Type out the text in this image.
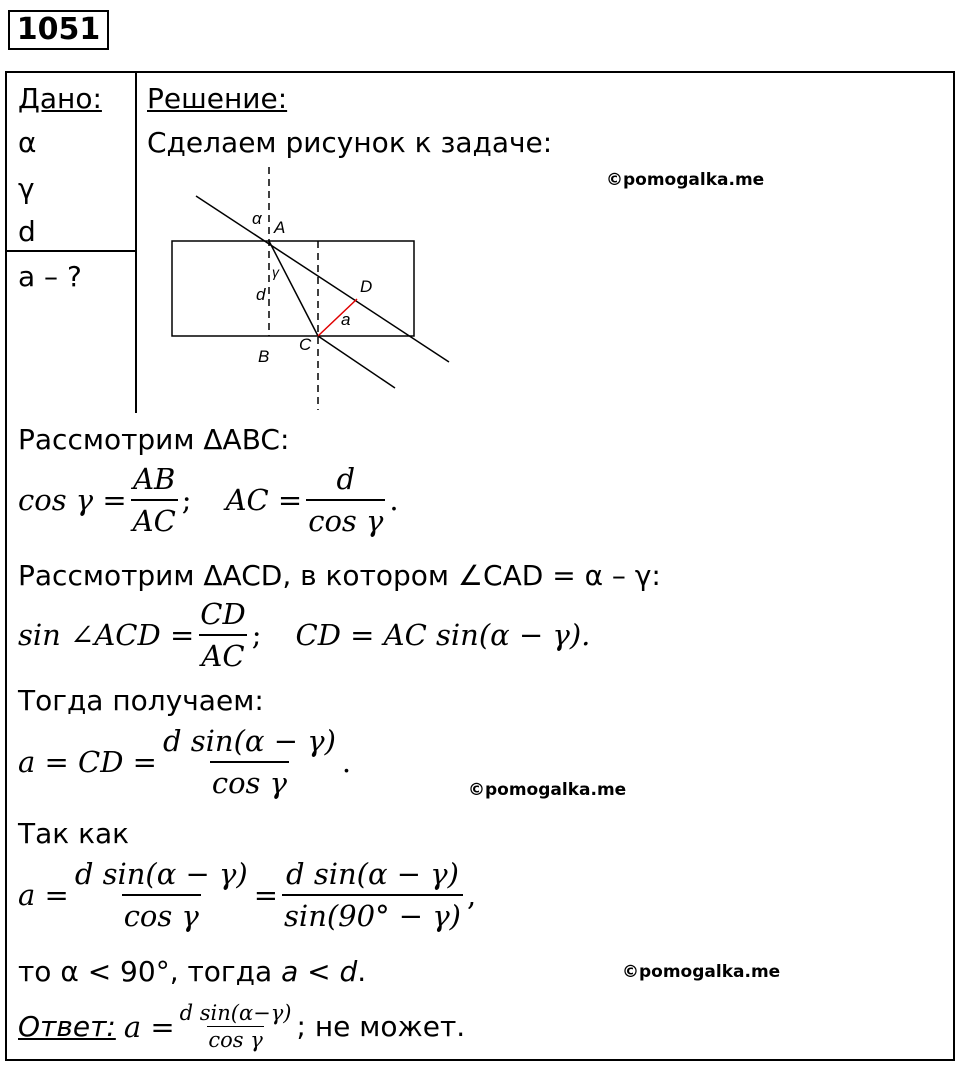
1051
Дано:
α
γ
d
a – ?
Решение:
Сделаем рисунок к задаче:
©pomogalka.me
©pomogalka.me
©pomogalka.me
α A
γ
d	D
a
B
C
Рассмотрим ΔABC:
$\cos \gamma = \frac{AB}{AC}$ ; AC = $\frac{d}{\text{cos γ}}$ .
Рассмотрим ΔACD, в котором ∠CAD = α – γ:
sin ∠ACD = $\frac{CD}{AC}$ ; CD = AC sin(α − γ).
Тогда получаем:
a = CD = $\frac{\text{d sin(α − γ)}}{\text{cos γ}}$ .
Так как
$a = \frac{\text{d sin(α − γ)}}{\text{cos γ}} = \frac{\text{d sin(α − γ)}}{\sin(90^\circ - \gamma)}$ ,
то α < 90°, тогда a < d.
Ответ: $a = \frac{\text{d sin(α−γ)}}{\text{cos γ}}$ ; не может.
